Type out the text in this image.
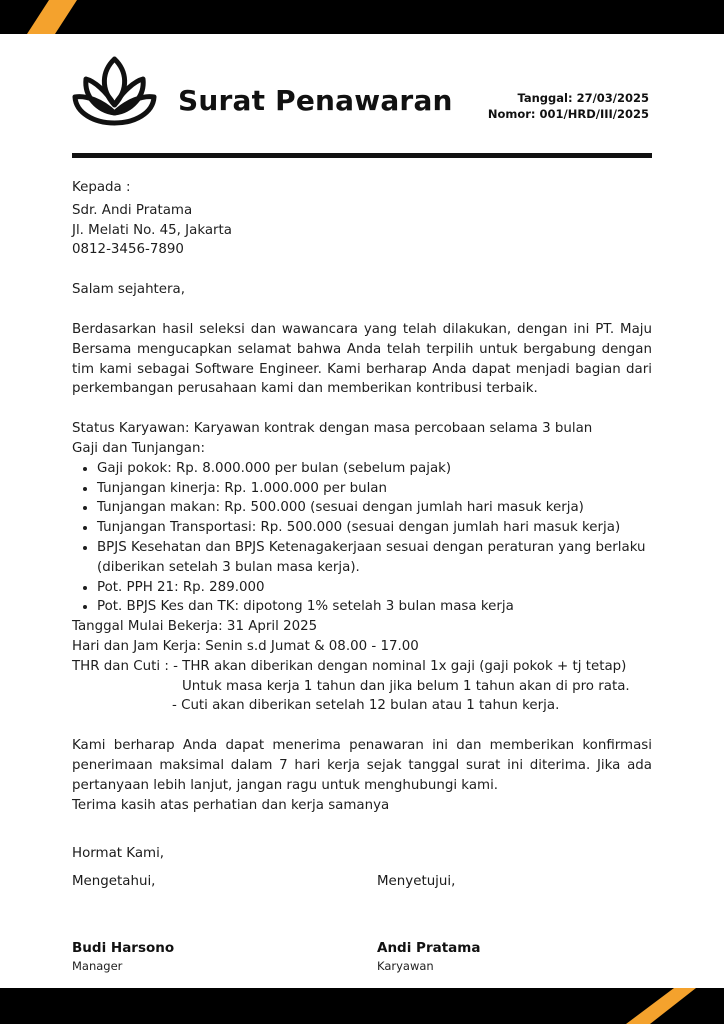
Surat Penawaran	Tanggal: 27/03/2025
Nomor: 001/HRD/III/2025

Kepada :

Sdr. Andi Pratama

Jl. Melati No. 45, Jakarta

0812-3456-7890

Salam sejahtera,

Berdasarkan hasil seleksi dan wawancara yang telah dilakukan, dengan ini PT. Maju Bersama mengucapkan selamat bahwa Anda telah terpilih untuk bergabung dengan tim kami sebagai Software Engineer. Kami berharap Anda dapat menjadi bagian dari perkembangan perusahaan kami dan memberikan kontribusi terbaik.

Status Karyawan: Karyawan kontrak dengan masa percobaan selama 3 bulan

Gaji dan Tunjangan:

• Gaji pokok: Rp. 8.000.000 per bulan (sebelum pajak)
• Tunjangan kinerja: Rp. 1.000.000 per bulan
• Tunjangan makan: Rp. 500.000 (sesuai dengan jumlah hari masuk kerja)
• Tunjangan Transportasi: Rp. 500.000 (sesuai dengan jumlah hari masuk kerja)
• BPJS Kesehatan dan BPJS Ketenagakerjaan sesuai dengan peraturan yang berlaku (diberikan setelah 3 bulan masa kerja).
• Pot. PPH 21: Rp. 289.000
• Pot. BPJS Kes dan TK: dipotong 1% setelah 3 bulan masa kerja

Tanggal Mulai Bekerja: 31 April 2025

Hari dan Jam Kerja: Senin s.d Jumat & 08.00 - 17.00

THR dan Cuti : - THR akan diberikan dengan nominal 1x gaji (gaji pokok + tj tetap)

Untuk masa kerja 1 tahun dan jika belum 1 tahun akan di pro rata.

- Cuti akan diberikan setelah 12 bulan atau 1 tahun kerja.

Kami berharap Anda dapat menerima penawaran ini dan memberikan konfirmasi penerimaan maksimal dalam 7 hari kerja sejak tanggal surat ini diterima. Jika ada pertanyaan lebih lanjut, jangan ragu untuk menghubungi kami.

Terima kasih atas perhatian dan kerja samanya

Hormat Kami,
Mengetahui,	Menyetujui,
Budi Harsono
Manager
Andi Pratama
Karyawan
